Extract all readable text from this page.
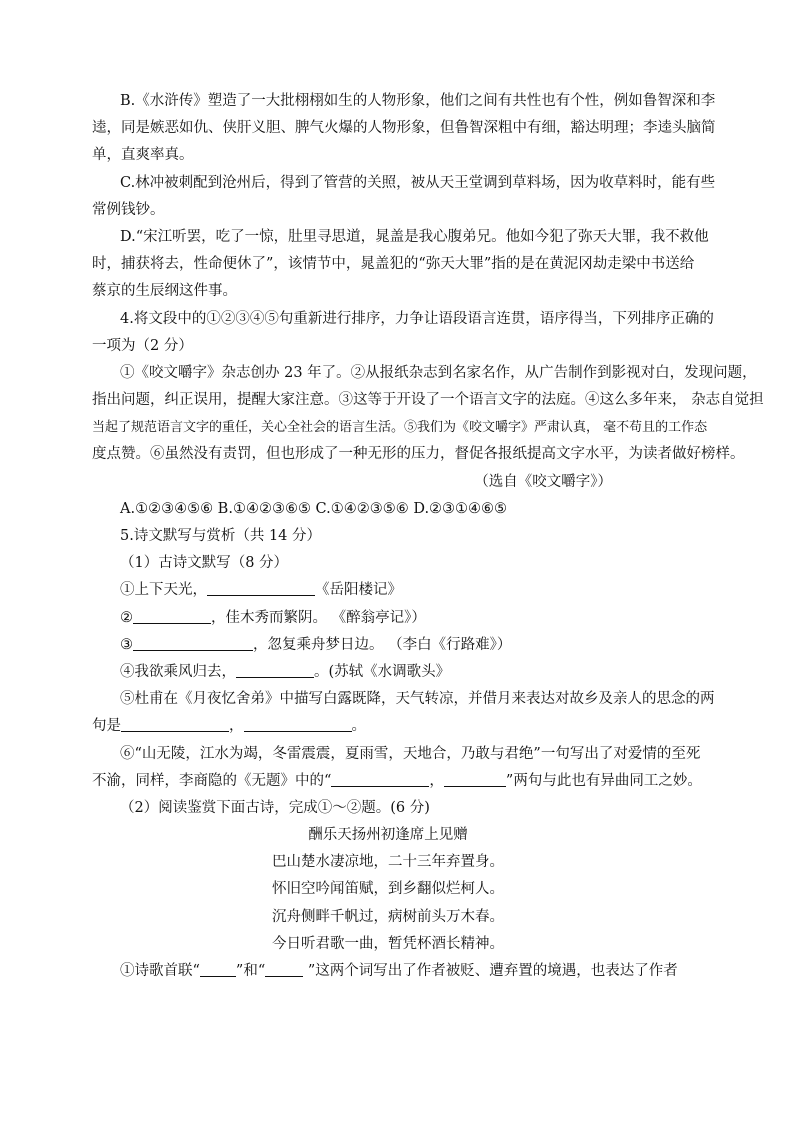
B.《水浒传》塑造了一大批栩栩如生的人物形象，他们之间有共性也有个性，例如鲁智深和李
逵，同是嫉恶如仇、侠肝义胆、脾气火爆的人物形象，但鲁智深粗中有细，豁达明理；李逵头脑简
单，直爽率真。
C.林冲被刺配到沧州后，得到了管营的关照，被从天王堂调到草料场，因为收草料时，能有些
常例钱钞。
D.“宋江听罢，吃了一惊，肚里寻思道，晁盖是我心腹弟兄。他如今犯了弥天大罪，我不救他
时，捕获将去，性命便休了”，该情节中，晁盖犯的“弥天大罪”指的是在黄泥冈劫走梁中书送给
蔡京的生辰纲这件事。
4.将文段中的①②③④⑤句重新进行排序，力争让语段语言连贯，语序得当，下列排序正确的
一项为（2 分）
①《咬文嚼字》杂志创办 23 年了。②从报纸杂志到名家名作，从广告制作到影视对白，发现问题，
指出问题，纠正误用，提醒大家注意。③这等于开设了一个语言文字的法庭。④这么多年来， 杂志自觉担
当起了规范语言文字的重任，关心全社会的语言生活。⑤我们为《咬文嚼字》严肃认真， 毫不苟且的工作态
度点赞。⑥虽然没有责罚，但也形成了一种无形的压力，督促各报纸提高文字水平，为读者做好榜样。
（选自《咬文嚼字》）
A.①②③④⑤⑥ B.①④②③⑥⑤ C.①④②③⑤⑥ D.②③①④⑥⑤
5.诗文默写与赏析（共 14 分）
（1）古诗文默写（8 分）
①上下天光，	《岳阳楼记》
②	，佳木秀而繁阴。 《醉翁亭记》）
③	，忽复乘舟梦日边。 （李白《行路难》）
④我欲乘风归去，	。(苏轼《水调歌头》
⑤杜甫在《月夜忆舍弟》中描写白露既降，天气转凉，并借月来表达对故乡及亲人的思念的两
句是	，	。
⑥“山无陵，江水为竭，冬雷震震，夏雨雪，天地合，乃敢与君绝”一句写出了对爱情的至死
不渝，同样，李商隐的《无题》中的“	，	”两句与此也有异曲同工之妙。
（2）阅读鉴赏下面古诗，完成①～②题。(6 分)
酬乐天扬州初逢席上见赠
巴山楚水凄凉地，二十三年弃置身。
怀旧空吟闻笛赋，到乡翻似烂柯人。
沉舟侧畔千帆过，病树前头万木春。
今日听君歌一曲，暂凭杯酒长精神。
①诗歌首联“ ”和“	”这两个词写出了作者被贬、遭弃置的境遇，也表达了作者
